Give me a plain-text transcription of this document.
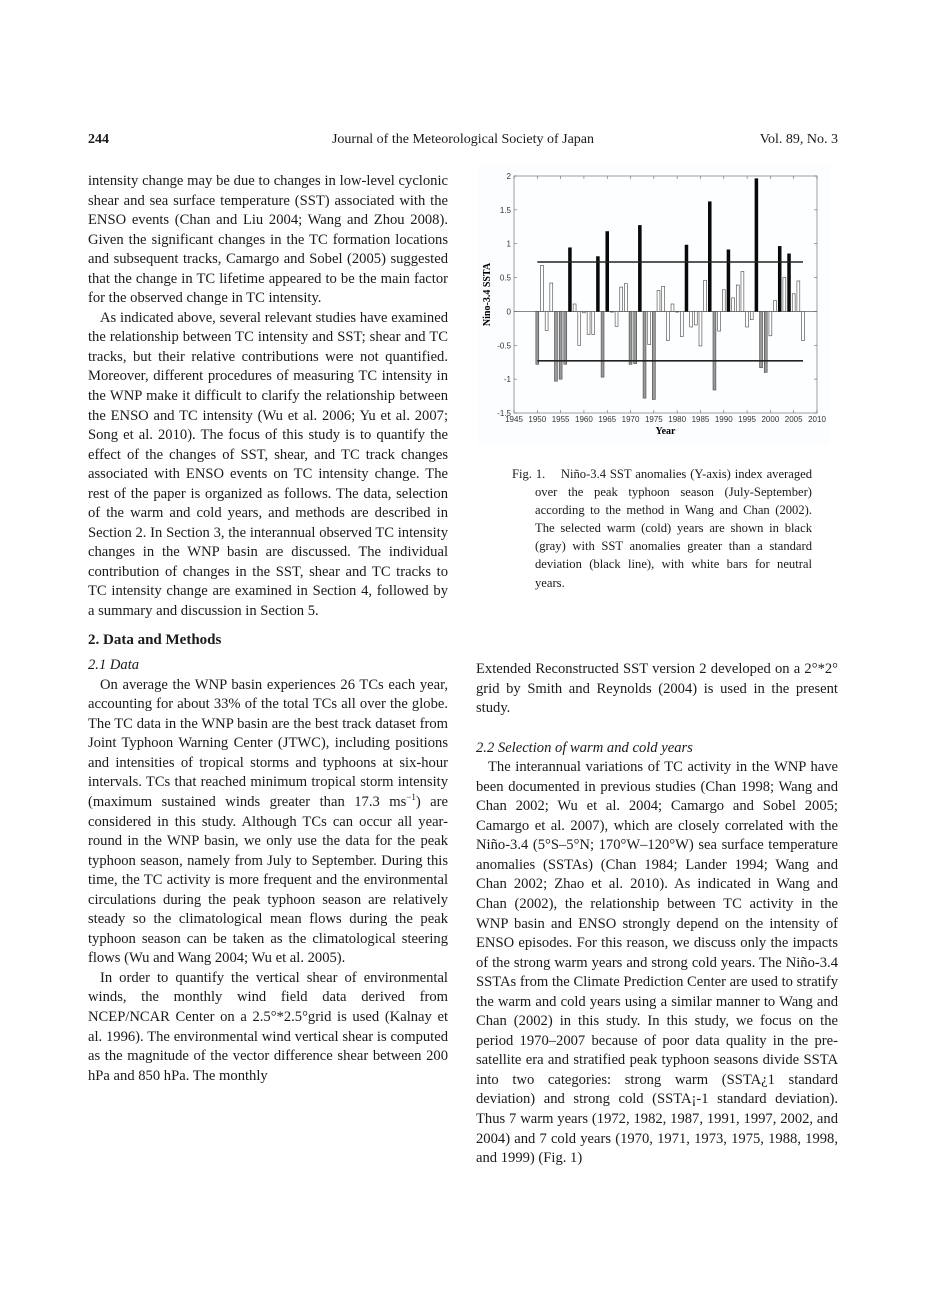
244	Journal of the Meteorological Society of Japan	Vol. 89, No. 3

intensity change may be due to changes in low-level cyclonic shear and sea surface temperature (SST) associated with the ENSO events (Chan and Liu 2004; Wang and Zhou 2008). Given the significant changes in the TC formation locations and subsequent tracks, Camargo and Sobel (2005) suggested that the change in TC lifetime appeared to be the main factor for the observed change in TC intensity.

As indicated above, several relevant studies have examined the relationship between TC intensity and SST; shear and TC tracks, but their relative contributions were not quantified. Moreover, different procedures of measuring TC intensity in the WNP make it difficult to clarify the relationship between the ENSO and TC intensity (Wu et al. 2006; Yu et al. 2007; Song et al. 2010). The focus of this study is to quantify the effect of the changes of SST, shear, and TC track changes associated with ENSO events on TC intensity change. The rest of the paper is organized as follows. The data, selection of the warm and cold years, and methods are described in Section 2. In Section 3, the interannual observed TC intensity changes in the WNP basin are discussed. The individual contribution of changes in the SST, shear and TC tracks to TC intensity change are examined in Section 4, followed by a summary and discussion in Section 5.

2. Data and Methods

2.1 Data

On average the WNP basin experiences 26 TCs each year, accounting for about 33% of the total TCs all over the globe. The TC data in the WNP basin are the best track dataset from Joint Typhoon Warning Center (JTWC), including positions and intensities of tropical storms and typhoons at six-hour intervals. TCs that reached minimum tropical storm intensity (maximum sustained winds greater than 17.3 $ms^{-1}$) are considered in this study. Although TCs can occur all year-round in the WNP basin, we only use the data for the peak typhoon season, namely from July to September. During this time, the TC activity is more frequent and the environmental circulations during the peak typhoon season are relatively steady so the climatological mean flows during the peak typhoon season can be taken as the climatological steering flows (Wu and Wang 2004; Wu et al. 2005).

In order to quantify the vertical shear of environmental winds, the monthly wind field data derived from NCEP/NCAR Center on a 2.5°*2.5°grid is used (Kalnay et al. 1996). The environmental wind vertical shear is computed as the magnitude of the vector difference shear between 200 hPa and 850 hPa. The monthly

-1.5
-1
-0.5
0
0.5
1
1.5
2
1945 1950 1955 1960 1965 1970 1975 1980 1985 1990 1995 2000 2005 2010
Nino-3.4 SSTA
Year
Fig. 1. Niño-3.4 SST anomalies (Y-axis) index averaged over the peak typhoon season (July-September) according to the method in Wang and Chan (2002). The selected warm (cold) years are shown in black (gray) with SST anomalies greater than a standard deviation (black line), with white bars for neutral years.

Extended Reconstructed SST version 2 developed on a 2°*2° grid by Smith and Reynolds (2004) is used in the present study.

2.2 Selection of warm and cold years

The interannual variations of TC activity in the WNP have been documented in previous studies (Chan 1998; Wang and Chan 2002; Wu et al. 2004; Camargo and Sobel 2005; Camargo et al. 2007), which are closely correlated with the Niño-3.4 (5°S–5°N; 170°W–120°W) sea surface temperature anomalies (SSTAs) (Chan 1984; Lander 1994; Wang and Chan 2002; Zhao et al. 2010). As indicated in Wang and Chan (2002), the relationship between TC activity in the WNP basin and ENSO strongly depend on the intensity of ENSO episodes. For this reason, we discuss only the impacts of the strong warm years and strong cold years. The Niño-3.4 SSTAs from the Climate Prediction Center are used to stratify the warm and cold years using a similar manner to Wang and Chan (2002) in this study. In this study, we focus on the period 1970–2007 because of poor data quality in the pre-satellite era and stratified peak typhoon seasons divide SSTA into two categories: strong warm (SSTA¿1 standard deviation) and strong cold (SSTA¡-1 standard deviation). Thus 7 warm years (1972, 1982, 1987, 1991, 1997, 2002, and 2004) and 7 cold years (1970, 1971, 1973, 1975, 1988, 1998, and 1999) (Fig. 1)
